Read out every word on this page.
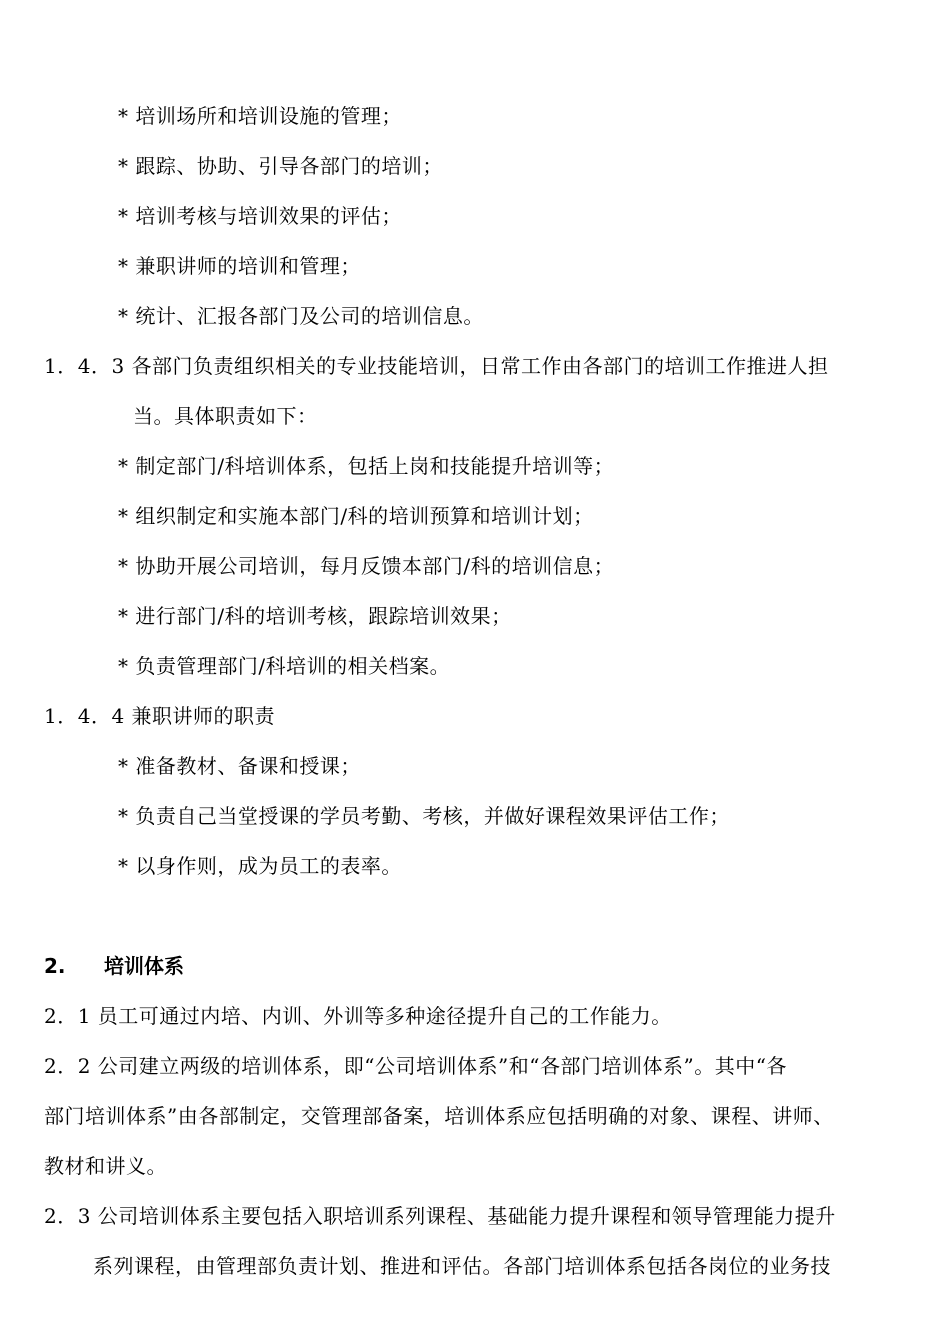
* 培训场所和培训设施的管理；
* 跟踪、协助、引导各部门的培训；
* 培训考核与培训效果的评估；
* 兼职讲师的培训和管理；
* 统计、汇报各部门及公司的培训信息。
1．4．3 各部门负责组织相关的专业技能培训，日常工作由各部门的培训工作推进人担
当。具体职责如下：
* 制定部门/科培训体系，包括上岗和技能提升培训等；
* 组织制定和实施本部门/科的培训预算和培训计划；
* 协助开展公司培训，每月反馈本部门/科的培训信息；
* 进行部门/科的培训考核，跟踪培训效果；
* 负责管理部门/科培训的相关档案。
1．4．4 兼职讲师的职责
* 准备教材、备课和授课；
* 负责自己当堂授课的学员考勤、考核，并做好课程效果评估工作；
* 以身作则，成为员工的表率。
2. 培训体系
2．1 员工可通过内培、内训、外训等多种途径提升自己的工作能力。
2．2 公司建立两级的培训体系，即“公司培训体系”和“各部门培训体系”。其中“各
部门培训体系”由各部制定，交管理部备案，培训体系应包括明确的对象、课程、讲师、
教材和讲义。
2．3 公司培训体系主要包括入职培训系列课程、基础能力提升课程和领导管理能力提升
系列课程，由管理部负责计划、推进和评估。各部门培训体系包括各岗位的业务技
